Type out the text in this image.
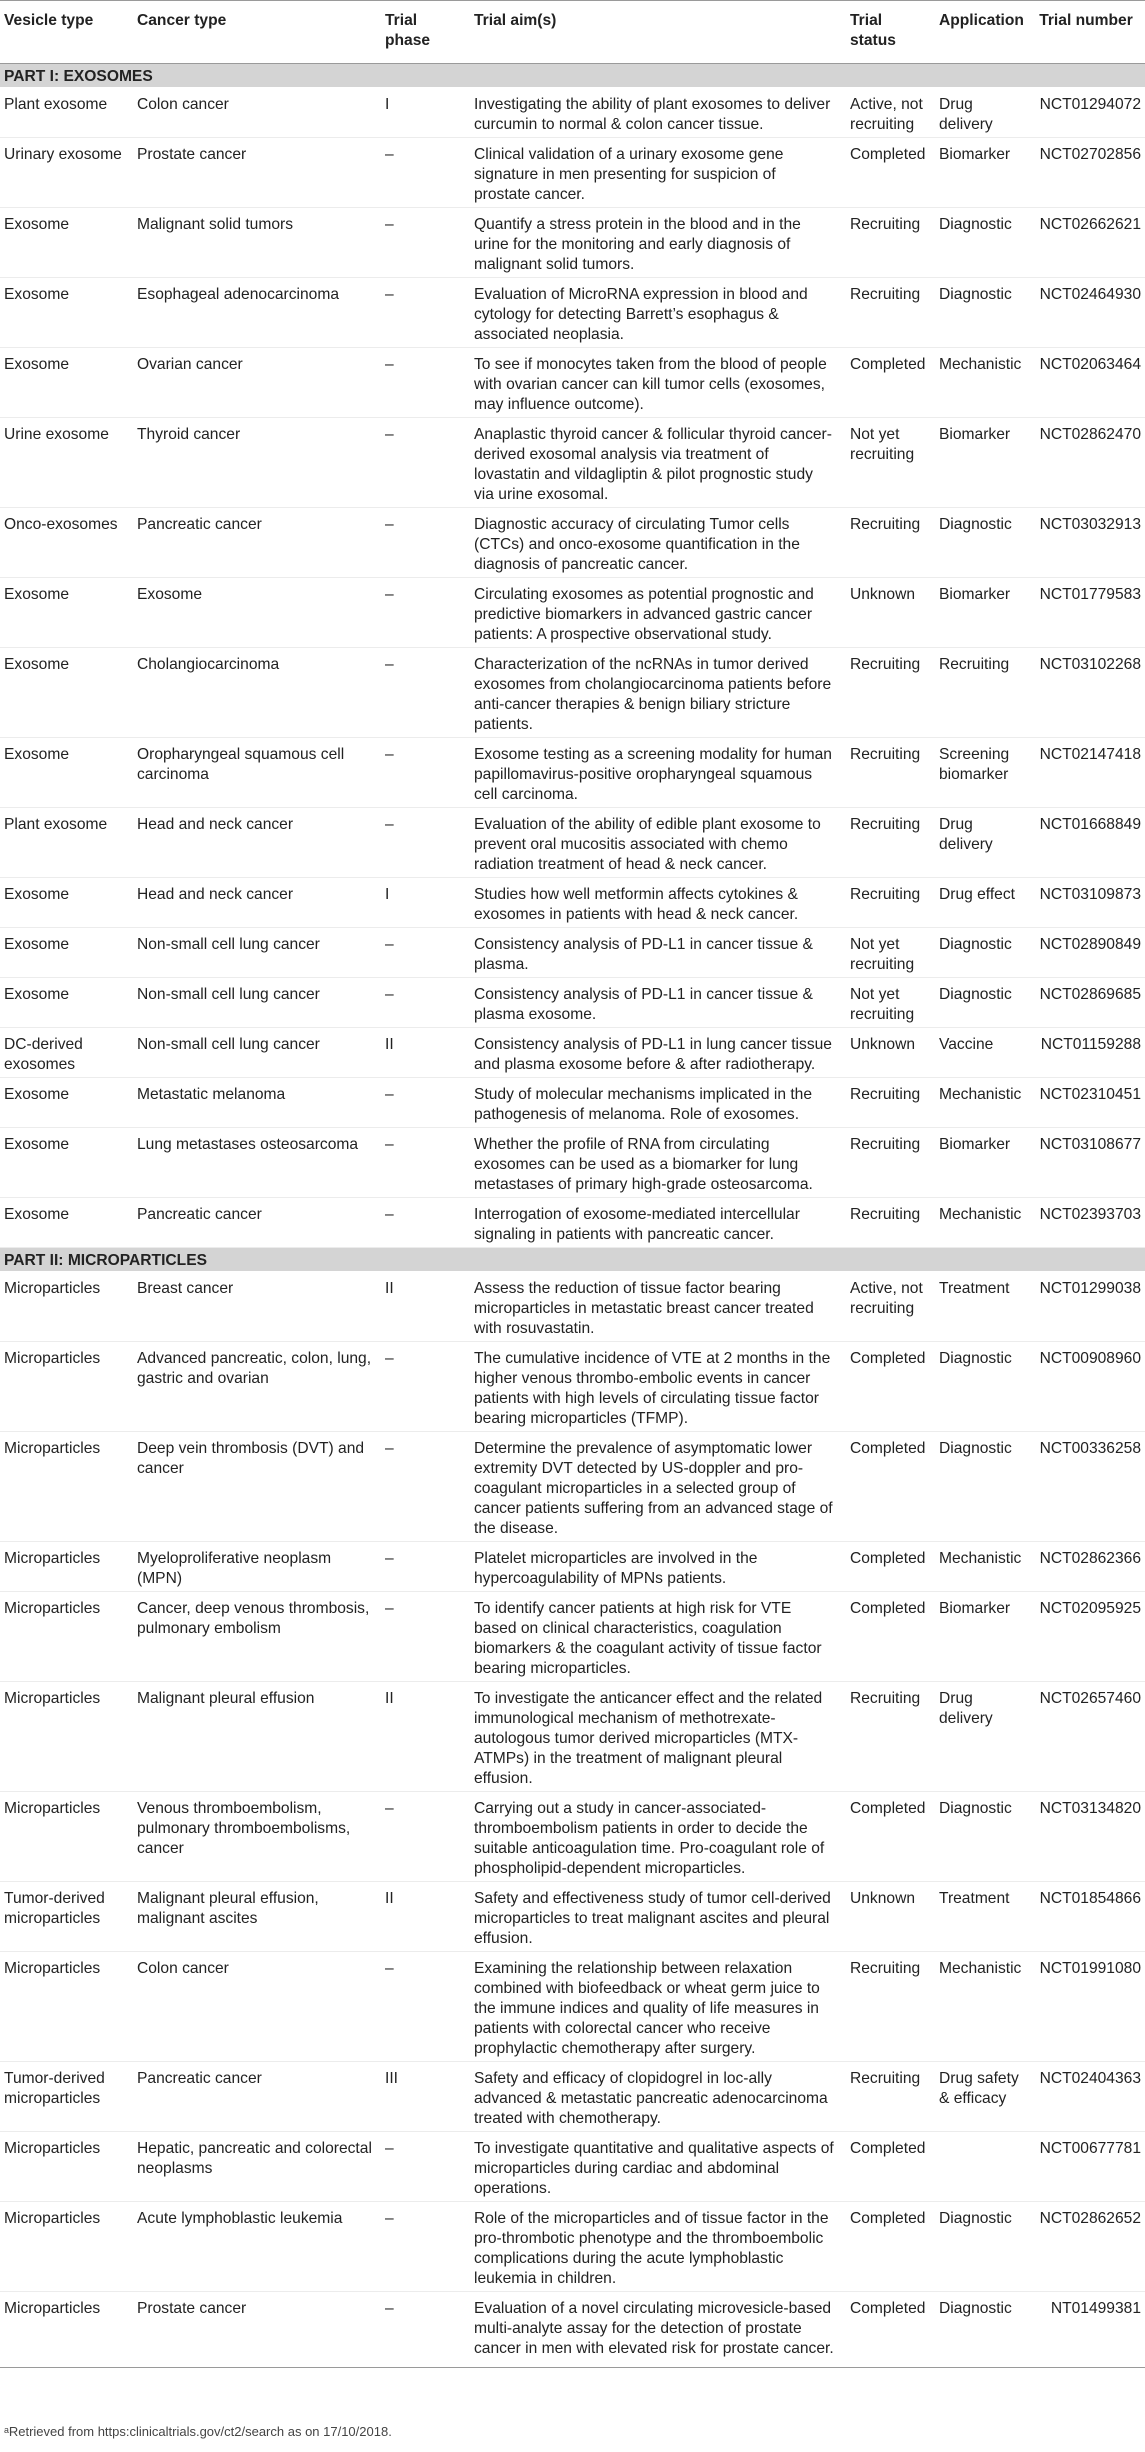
Vesicle type	Cancer type	Trial phase	Trial aim(s)	Trial status	Application	Trial number
PART I: EXOSOMES						
Plant exosome	Colon cancer	I	Investigating the ability of plant exosomes to deliver curcumin to normal & colon cancer tissue.	Active, not recruiting	Drug delivery	NCT01294072
Urinary exosome	Prostate cancer	–	Clinical validation of a urinary exosome gene signature in men presenting for suspicion of prostate cancer.	Completed	Biomarker	NCT02702856
Exosome	Malignant solid tumors	–	Quantify a stress protein in the blood and in the urine for the monitoring and early diagnosis of malignant solid tumors.	Recruiting	Diagnostic	NCT02662621
Exosome	Esophageal adenocarcinoma	–	Evaluation of MicroRNA expression in blood and cytology for detecting Barrett’s esophagus & associated neoplasia.	Recruiting	Diagnostic	NCT02464930
Exosome	Ovarian cancer	–	To see if monocytes taken from the blood of people with ovarian cancer can kill tumor cells (exosomes, may influence outcome).	Completed	Mechanistic	NCT02063464
Urine exosome	Thyroid cancer	–	Anaplastic thyroid cancer & follicular thyroid cancer-derived exosomal analysis via treatment of lovastatin and vildagliptin & pilot prognostic study via urine exosomal.	Not yet recruiting	Biomarker	NCT02862470
Onco-exosomes	Pancreatic cancer	–	Diagnostic accuracy of circulating Tumor cells (CTCs) and onco-exosome quantification in the diagnosis of pancreatic cancer.	Recruiting	Diagnostic	NCT03032913
Exosome	Exosome	–	Circulating exosomes as potential prognostic and predictive biomarkers in advanced gastric cancer patients: A prospective observational study.	Unknown	Biomarker	NCT01779583
Exosome	Cholangiocarcinoma	–	Characterization of the ncRNAs in tumor derived exosomes from cholangiocarcinoma patients before anti-cancer therapies & benign biliary stricture patients.	Recruiting	Recruiting	NCT03102268
Exosome	Oropharyngeal squamous cell carcinoma	–	Exosome testing as a screening modality for human papillomavirus-positive oropharyngeal squamous cell carcinoma.	Recruiting	Screening biomarker	NCT02147418
Plant exosome	Head and neck cancer	–	Evaluation of the ability of edible plant exosome to prevent oral mucositis associated with chemo radiation treatment of head & neck cancer.	Recruiting	Drug delivery	NCT01668849
Exosome	Head and neck cancer	I	Studies how well metformin affects cytokines & exosomes in patients with head & neck cancer.	Recruiting	Drug effect	NCT03109873
Exosome	Non-small cell lung cancer	–	Consistency analysis of PD-L1 in cancer tissue & plasma.	Not yet recruiting	Diagnostic	NCT02890849
Exosome	Non-small cell lung cancer	–	Consistency analysis of PD-L1 in cancer tissue & plasma exosome.	Not yet recruiting	Diagnostic	NCT02869685
DC-derived exosomes	Non-small cell lung cancer	II	Consistency analysis of PD-L1 in lung cancer tissue and plasma exosome before & after radiotherapy.	Unknown	Vaccine	NCT01159288
Exosome	Metastatic melanoma	–	Study of molecular mechanisms implicated in the pathogenesis of melanoma. Role of exosomes.	Recruiting	Mechanistic	NCT02310451
Exosome	Lung metastases osteosarcoma	–	Whether the profile of RNA from circulating exosomes can be used as a biomarker for lung metastases of primary high-grade osteosarcoma.	Recruiting	Biomarker	NCT03108677
Exosome	Pancreatic cancer	–	Interrogation of exosome-mediated intercellular signaling in patients with pancreatic cancer.	Recruiting	Mechanistic	NCT02393703
PART II: MICROPARTICLES						
Microparticles	Breast cancer	II	Assess the reduction of tissue factor bearing microparticles in metastatic breast cancer treated with rosuvastatin.	Active, not recruiting	Treatment	NCT01299038
Microparticles	Advanced pancreatic, colon, lung, gastric and ovarian	–	The cumulative incidence of VTE at 2 months in the higher venous thrombo-embolic events in cancer patients with high levels of circulating tissue factor bearing microparticles (TFMP).	Completed	Diagnostic	NCT00908960
Microparticles	Deep vein thrombosis (DVT) and cancer	–	Determine the prevalence of asymptomatic lower extremity DVT detected by US-doppler and pro-coagulant microparticles in a selected group of cancer patients suffering from an advanced stage of the disease.	Completed	Diagnostic	NCT00336258
Microparticles	Myeloproliferative neoplasm (MPN)	–	Platelet microparticles are involved in the hypercoagulability of MPNs patients.	Completed	Mechanistic	NCT02862366
Microparticles	Cancer, deep venous thrombosis, pulmonary embolism	–	To identify cancer patients at high risk for VTE based on clinical characteristics, coagulation biomarkers & the coagulant activity of tissue factor bearing microparticles.	Completed	Biomarker	NCT02095925
Microparticles	Malignant pleural effusion	II	To investigate the anticancer effect and the related immunological mechanism of methotrexate-autologous tumor derived microparticles (MTX-ATMPs) in the treatment of malignant pleural effusion.	Recruiting	Drug delivery	NCT02657460
Microparticles	Venous thromboembolism, pulmonary thromboembolisms, cancer	–	Carrying out a study in cancer-associated-thromboembolism patients in order to decide the suitable anticoagulation time. Pro-coagulant role of phospholipid-dependent microparticles.	Completed	Diagnostic	NCT03134820
Tumor-derived microparticles	Malignant pleural effusion, malignant ascites	II	Safety and effectiveness study of tumor cell-derived microparticles to treat malignant ascites and pleural effusion.	Unknown	Treatment	NCT01854866
Microparticles	Colon cancer	–	Examining the relationship between relaxation combined with biofeedback or wheat germ juice to the immune indices and quality of life measures in patients with colorectal cancer who receive prophylactic chemotherapy after surgery.	Recruiting	Mechanistic	NCT01991080
Tumor-derived microparticles	Pancreatic cancer	III	Safety and efficacy of clopidogrel in loc-ally advanced & metastatic pancreatic adenocarcinoma treated with chemotherapy.	Recruiting	Drug safety & efficacy	NCT02404363
Microparticles	Hepatic, pancreatic and colorectal neoplasms	–	To investigate quantitative and qualitative aspects of microparticles during cardiac and abdominal operations.	Completed		NCT00677781
Microparticles	Acute lymphoblastic leukemia	–	Role of the microparticles and of tissue factor in the pro-thrombotic phenotype and the thromboembolic complications during the acute lymphoblastic leukemia in children.	Completed	Diagnostic	NCT02862652
Microparticles	Prostate cancer	–	Evaluation of a novel circulating microvesicle-based multi-analyte assay for the detection of prostate cancer in men with elevated risk for prostate cancer.	Completed	Diagnostic	NT01499381
ᵃRetrieved from https:clinicaltrials.gov/ct2/search as on 17/10/2018.
